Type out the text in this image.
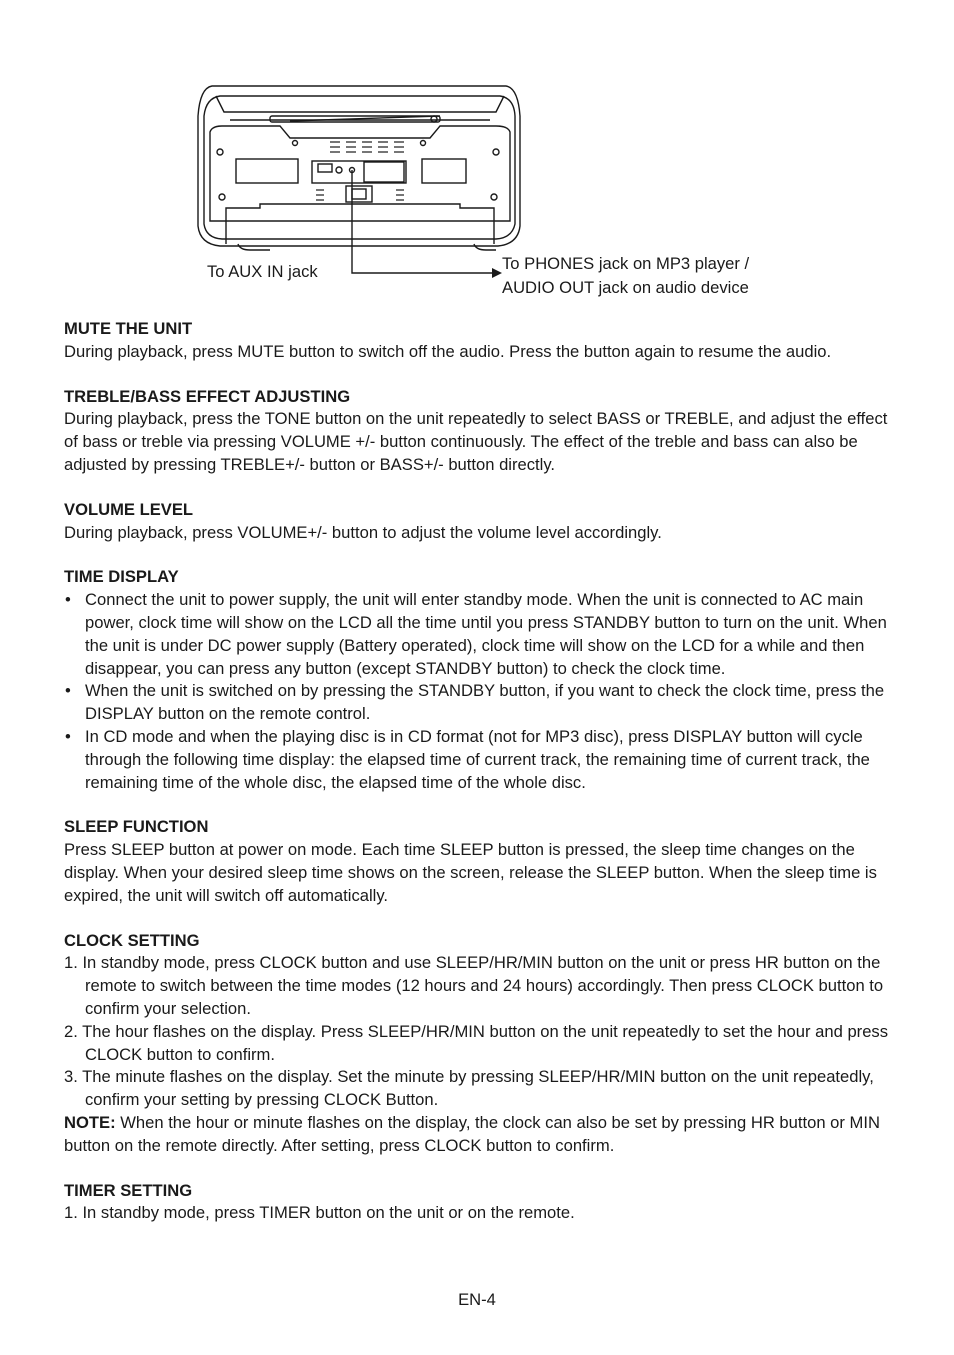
To AUX IN jack	To PHONES jack on MP3 player /
AUDIO OUT jack on audio device
MUTE THE UNIT

During playback, press MUTE button to switch off the audio. Press the button again to resume the audio.

TREBLE/BASS EFFECT ADJUSTING

During playback, press the TONE button on the unit repeatedly to select BASS or TREBLE, and adjust the effect of bass or treble via pressing VOLUME +/- button continuously. The effect of the treble and bass can also be adjusted by pressing TREBLE+/- button or BASS+/- button directly.

VOLUME LEVEL

During playback, press VOLUME+/- button to adjust the volume level accordingly.

TIME DISPLAY
• Connect the unit to power supply, the unit will enter standby mode. When the unit is connected to AC main power, clock time will show on the LCD all the time until you press STANDBY button to turn on the unit. When the unit is under DC power supply (Battery operated), clock time will show on the LCD for a while and then disappear, you can press any button (except STANDBY button) to check the clock time.
• When the unit is switched on by pressing the STANDBY button, if you want to check the clock time, press the DISPLAY button on the remote control.
• In CD mode and when the playing disc is in CD format (not for MP3 disc), press DISPLAY button will cycle through the following time display: the elapsed time of current track, the remaining time of current track, the remaining time of the whole disc, the elapsed time of the whole disc.
SLEEP FUNCTION

Press SLEEP button at power on mode. Each time SLEEP button is pressed, the sleep time changes on the display. When your desired sleep time shows on the screen, release the SLEEP button. When the sleep time is expired, the unit will switch off automatically.

CLOCK SETTING
1. In standby mode, press CLOCK button and use SLEEP/HR/MIN button on the unit or press HR button on the remote to switch between the time modes (12 hours and 24 hours) accordingly. Then press CLOCK button to confirm your selection.
2. The hour flashes on the display. Press SLEEP/HR/MIN button on the unit repeatedly to set the hour and press CLOCK button to confirm.
3. The minute flashes on the display. Set the minute by pressing SLEEP/HR/MIN button on the unit repeatedly, confirm your setting by pressing CLOCK Button.

NOTE: When the hour or minute flashes on the display, the clock can also be set by pressing HR button or MIN button on the remote directly. After setting, press CLOCK button to confirm.

TIMER SETTING
1. In standby mode, press TIMER button on the unit or on the remote.
EN-4
